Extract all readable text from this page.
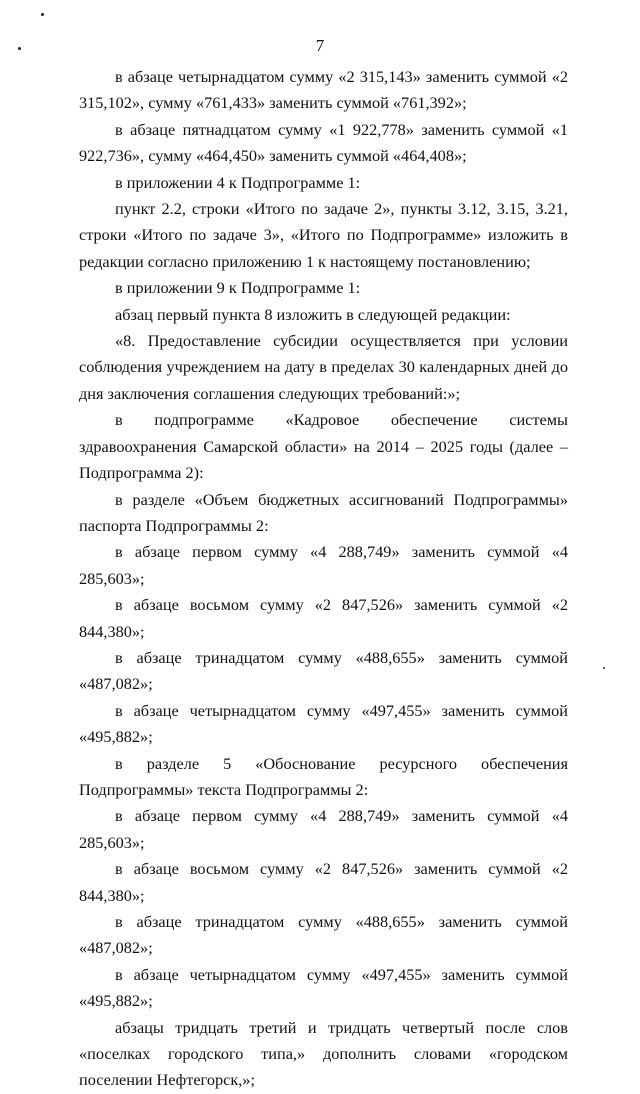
7

в абзаце четырнадцатом сумму «2 315,143» заменить суммой «2 315,102», сумму «761,433» заменить суммой «761,392»;

в абзаце пятнадцатом сумму «1 922,778» заменить суммой «1 922,736», сумму «464,450» заменить суммой «464,408»;

в приложении 4 к Подпрограмме 1:

пункт 2.2, строки «Итого по задаче 2», пункты 3.12, 3.15, 3.21, строки «Итого по задаче 3», «Итого по Подпрограмме» изложить в редакции согласно приложению 1 к настоящему постановлению;

в приложении 9 к Подпрограмме 1:

абзац первый пункта 8 изложить в следующей редакции:

«8. Предоставление субсидии осуществляется при условии соблюдения учреждением на дату в пределах 30 календарных дней до дня заключения соглашения следующих требований:»;

в подпрограмме «Кадровое обеспечение системы здравоохранения Самарской области» на 2014 – 2025 годы (далее – Подпрограмма 2):

в разделе «Объем бюджетных ассигнований Подпрограммы» паспорта Подпрограммы 2:

в абзаце первом сумму «4 288,749» заменить суммой «4 285,603»;

в абзаце восьмом сумму «2 847,526» заменить суммой «2 844,380»;

в абзаце тринадцатом сумму «488,655» заменить суммой «487,082»;

в абзаце четырнадцатом сумму «497,455» заменить суммой «495,882»;

в разделе 5 «Обоснование ресурсного обеспечения Подпрограммы» текста Подпрограммы 2:

в абзаце первом сумму «4 288,749» заменить суммой «4 285,603»;

в абзаце восьмом сумму «2 847,526» заменить суммой «2 844,380»;

в абзаце тринадцатом сумму «488,655» заменить суммой «487,082»;

в абзаце четырнадцатом сумму «497,455» заменить суммой «495,882»;

абзацы тридцать третий и тридцать четвертый после слов «поселках городского типа,» дополнить словами «городском поселении Нефтегорск,»;
